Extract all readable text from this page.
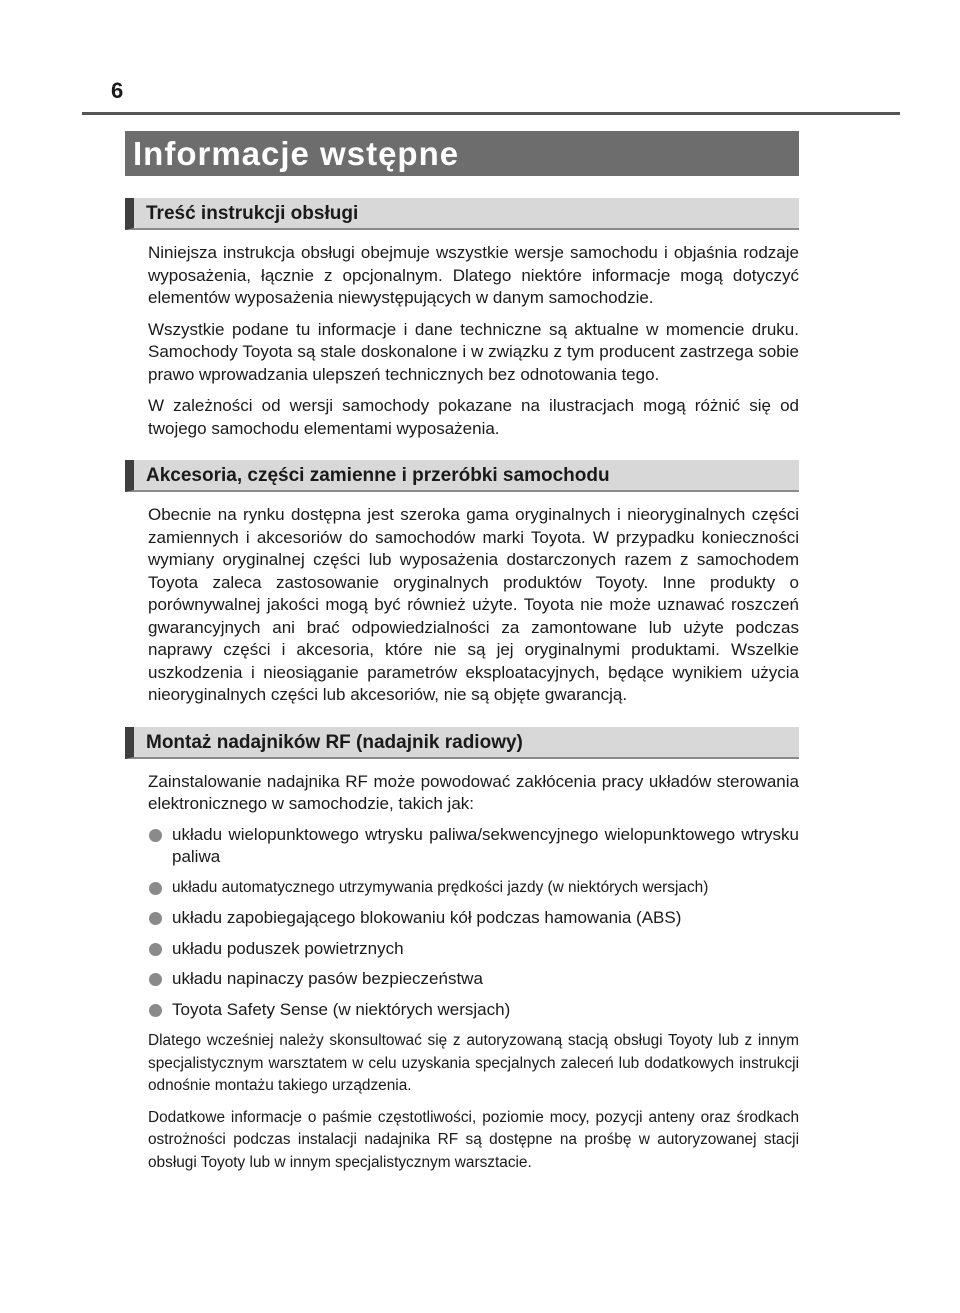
6
Informacje wstępne
Treść instrukcji obsługi

Niniejsza instrukcja obsługi obejmuje wszystkie wersje samochodu i objaśnia rodzaje wyposażenia, łącznie z opcjonalnym. Dlatego niektóre informacje mogą dotyczyć elementów wyposażenia niewystępujących w danym samochodzie.

Wszystkie podane tu informacje i dane techniczne są aktualne w momencie druku. Samochody Toyota są stale doskonalone i w związku z tym producent zastrzega sobie prawo wprowadzania ulepszeń technicznych bez odnotowania tego.

W zależności od wersji samochody pokazane na ilustracjach mogą różnić się od twojego samochodu elementami wyposażenia.

Akcesoria, części zamienne i przeróbki samochodu

Obecnie na rynku dostępna jest szeroka gama oryginalnych i nieoryginalnych części zamiennych i akcesoriów do samochodów marki Toyota. W przypadku konieczności wymiany oryginalnej części lub wyposażenia dostarczonych razem z samochodem Toyota zaleca zastosowanie oryginalnych produktów Toyoty. Inne produkty o porównywalnej jakości mogą być również użyte. Toyota nie może uznawać roszczeń gwarancyjnych ani brać odpowiedzialności za zamontowane lub użyte podczas naprawy części i akcesoria, które nie są jej oryginalnymi produktami. Wszelkie uszkodzenia i nieosiąganie parametrów eksploatacyjnych, będące wynikiem użycia nieoryginalnych części lub akcesoriów, nie są objęte gwarancją.

Montaż nadajników RF (nadajnik radiowy)

Zainstalowanie nadajnika RF może powodować zakłócenia pracy układów sterowania elektronicznego w samochodzie, takich jak:

układu wielopunktowego wtrysku paliwa/sekwencyjnego wielopunktowego wtrysku paliwa
układu automatycznego utrzymywania prędkości jazdy (w niektórych wersjach)
układu zapobiegającego blokowaniu kół podczas hamowania (ABS)
układu poduszek powietrznych
układu napinaczy pasów bezpieczeństwa
Toyota Safety Sense (w niektórych wersjach)

Dlatego wcześniej należy skonsultować się z autoryzowaną stacją obsługi Toyoty lub z innym specjalistycznym warsztatem w celu uzyskania specjalnych zaleceń lub dodatkowych instrukcji odnośnie montażu takiego urządzenia.

Dodatkowe informacje o paśmie częstotliwości, poziomie mocy, pozycji anteny oraz środkach ostrożności podczas instalacji nadajnika RF są dostępne na prośbę w autoryzowanej stacji obsługi Toyoty lub w innym specjalistycznym warsztacie.
